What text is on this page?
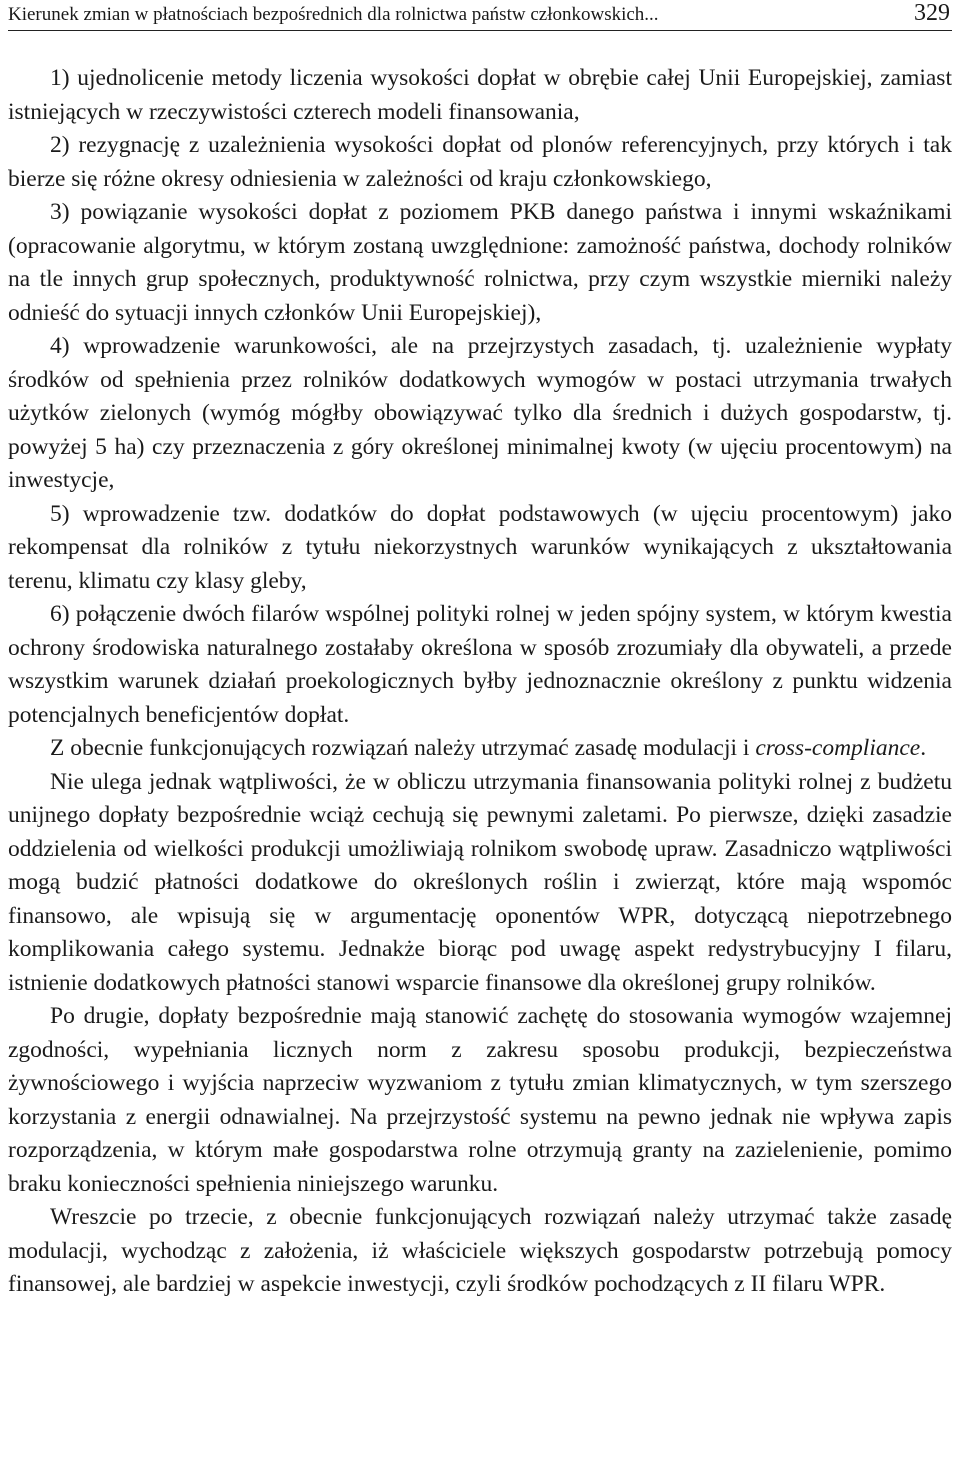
Kierunek zmian w płatnościach bezpośrednich dla rolnictwa państw członkowskich...	329

1) ujednolicenie metody liczenia wysokości dopłat w obrębie całej Unii Europejskiej, zamiast istniejących w rzeczywistości czterech modeli finansowania,

2) rezygnację z uzależnienia wysokości dopłat od plonów referencyjnych, przy których i tak bierze się różne okresy odniesienia w zależności od kraju członkowskiego,

3) powiązanie wysokości dopłat z poziomem PKB danego państwa i innymi wskaźnikami (opracowanie algorytmu, w którym zostaną uwzględnione: zamożność państwa, dochody rolników na tle innych grup społecznych, produktywność rolnictwa, przy czym wszystkie mierniki należy odnieść do sytuacji innych członków Unii Europejskiej),

4) wprowadzenie warunkowości, ale na przejrzystych zasadach, tj. uzależnienie wypłaty środków od spełnienia przez rolników dodatkowych wymogów w postaci utrzymania trwałych użytków zielonych (wymóg mógłby obowiązywać tylko dla średnich i dużych gospodarstw, tj. powyżej 5 ha) czy przeznaczenia z góry określonej minimalnej kwoty (w ujęciu procentowym) na inwestycje,

5) wprowadzenie tzw. dodatków do dopłat podstawowych (w ujęciu procentowym) jako rekompensat dla rolników z tytułu niekorzystnych warunków wynikających z ukształtowania terenu, klimatu czy klasy gleby,

6) połączenie dwóch filarów wspólnej polityki rolnej w jeden spójny system, w którym kwestia ochrony środowiska naturalnego zostałaby określona w sposób zrozumiały dla obywateli, a przede wszystkim warunek działań proekologicznych byłby jednoznacznie określony z punktu widzenia potencjalnych beneficjentów dopłat.

Z obecnie funkcjonujących rozwiązań należy utrzymać zasadę modulacji i cross-compliance.

Nie ulega jednak wątpliwości, że w obliczu utrzymania finansowania polityki rolnej z budżetu unijnego dopłaty bezpośrednie wciąż cechują się pewnymi zaletami. Po pierwsze, dzięki zasadzie oddzielenia od wielkości produkcji umożliwiają rolnikom swobodę upraw. Zasadniczo wątpliwości mogą budzić płatności dodatkowe do określonych roślin i zwierząt, które mają wspomóc finansowo, ale wpisują się w argumentację oponentów WPR, dotyczącą niepotrzebnego komplikowania całego systemu. Jednakże biorąc pod uwagę aspekt redystrybucyjny I filaru, istnienie dodatkowych płatności stanowi wsparcie finansowe dla określonej grupy rolników.

Po drugie, dopłaty bezpośrednie mają stanowić zachętę do stosowania wymogów wzajemnej zgodności, wypełniania licznych norm z zakresu sposobu produkcji, bezpieczeństwa żywnościowego i wyjścia naprzeciw wyzwaniom z tytułu zmian klimatycznych, w tym szerszego korzystania z energii odnawialnej. Na przejrzystość systemu na pewno jednak nie wpływa zapis rozporządzenia, w którym małe gospodarstwa rolne otrzymują granty na zazielenienie, pomimo braku konieczności spełnienia niniejszego warunku.

Wreszcie po trzecie, z obecnie funkcjonujących rozwiązań należy utrzymać także zasadę modulacji, wychodząc z założenia, iż właściciele większych gospodarstw potrzebują pomocy finansowej, ale bardziej w aspekcie inwestycji, czyli środków pochodzących z II filaru WPR.
